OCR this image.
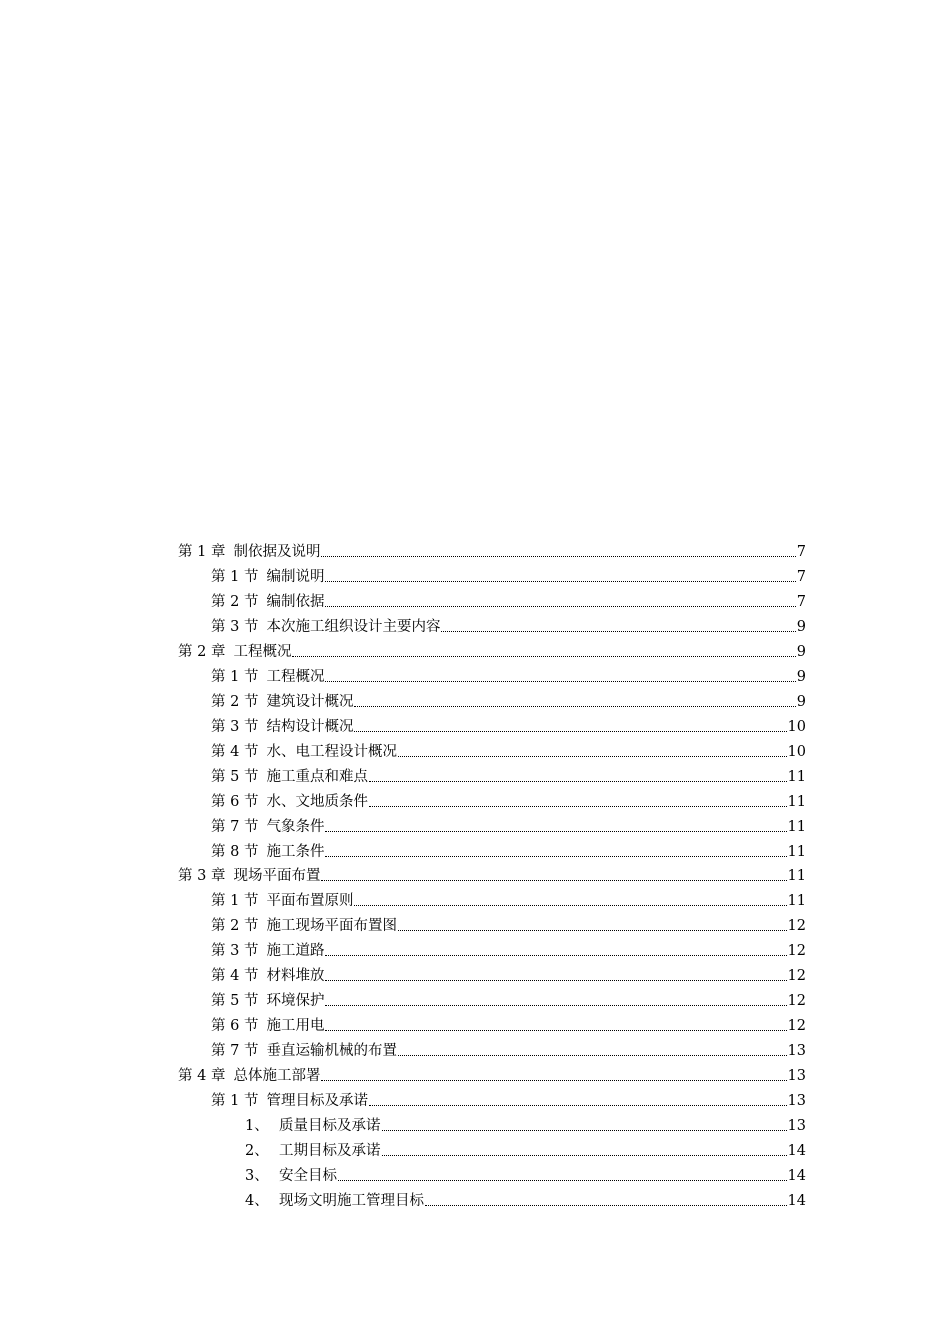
第 1 章 制依据及说明	7
第 1 节 编制说明	7
第 2 节 编制依据	7
第 3 节 本次施工组织设计主要内容	9
第 2 章 工程概况	9
第 1 节 工程概况	9
第 2 节 建筑设计概况	9
第 3 节 结构设计概况	10
第 4 节 水、电工程设计概况	10
第 5 节 施工重点和难点	11
第 6 节 水、文地质条件	11
第 7 节 气象条件	11
第 8 节 施工条件	11
第 3 章 现场平面布置	11
第 1 节 平面布置原则	11
第 2 节 施工现场平面布置图	12
第 3 节 施工道路	12
第 4 节 材料堆放	12
第 5 节 环境保护	12
第 6 节 施工用电	12
第 7 节 垂直运输机械的布置	13
第 4 章 总体施工部署	13
第 1 节 管理目标及承诺	13
1、 质量目标及承诺	13
2、 工期目标及承诺	14
3、 安全目标	14
4、 现场文明施工管理目标	14
